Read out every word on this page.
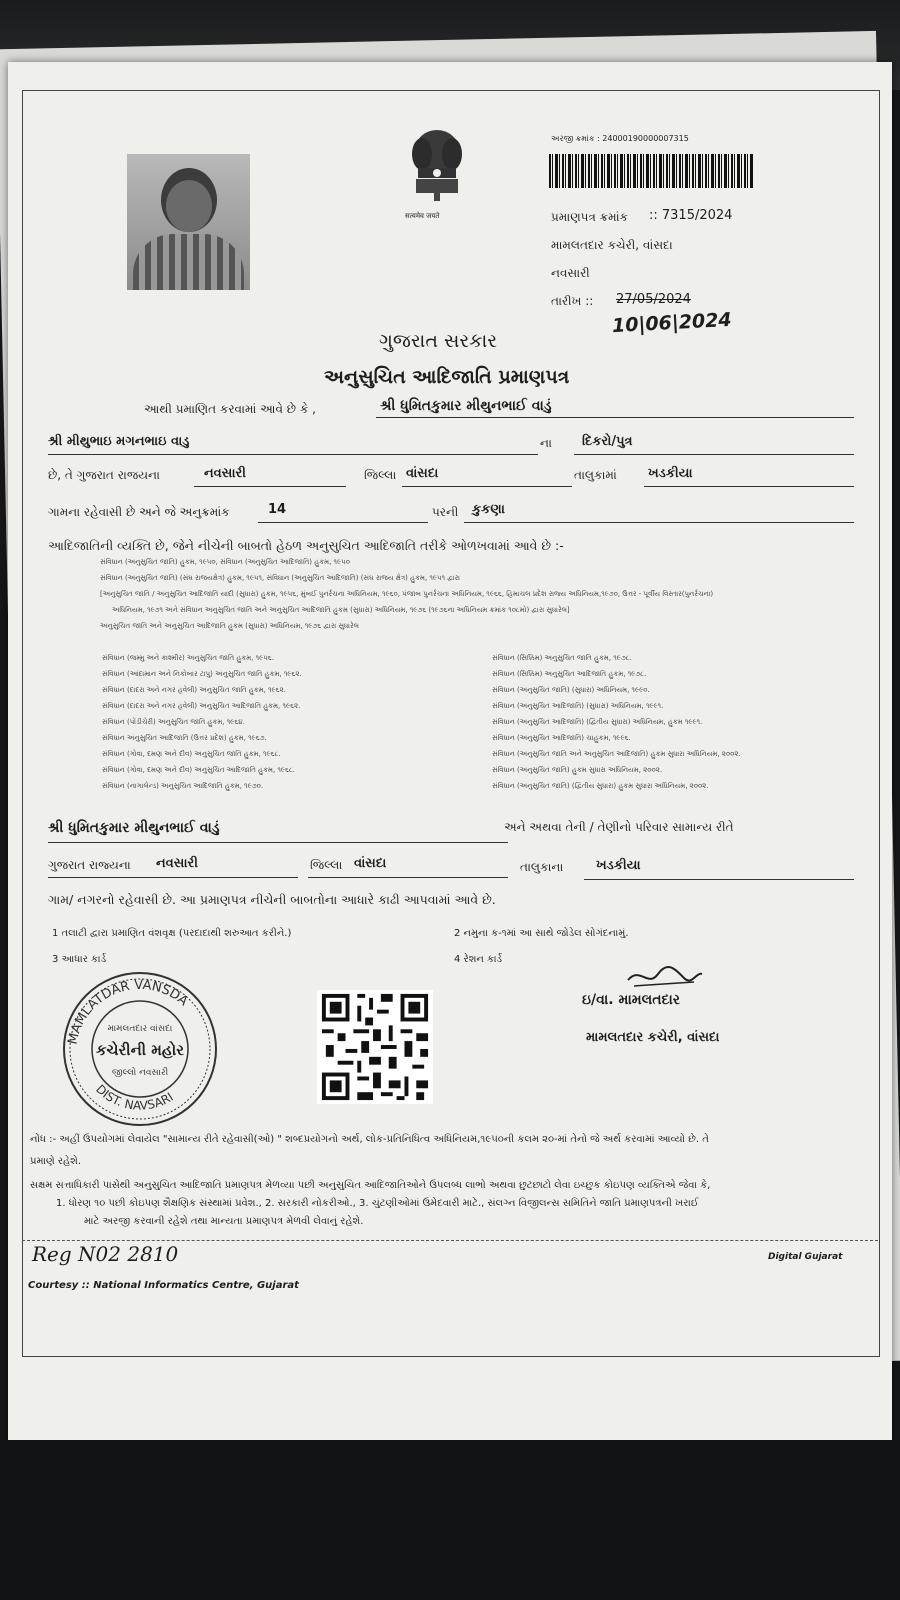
सत्यमेव जयते
અરજી ક્રમાંક : 24000190000007315
પ્રમાણપત્ર ક્રમાંક :: 7315/2024
મામલતદાર કચેરી, વાંસદા
નવસારી
તારીખ :: 27/05/2024
10|06|2024
ગુજરાત સરકાર
અનુસુચિત આદિજાતિ પ્રમાણપત્ર
આથી પ્રમાણિત કરવામાં આવે છે કે ,	શ્રી ધુમિતકુમાર મીથુનભાઈ વાડું
શ્રી મીથુભાઇ મગનભાઇ વાડુ	ના દિકરો/પુત્ર
છે, તે ગુજરાત રાજયના	નવસારી	જિલ્લા વાંસદા	તાલુકામાં ખડકીયા
ગામના રહેવાસી છે અને જે અનુક્રમાંક	14	પરની કુકણા
આદિજાતિની વ્યક્તિ છે, જેને નીચેની બાબતો હેઠળ અનુસુચિત આદિજાતિ તરીકે ઓળખવામાં આવે છે :-
સંવિધાન (અનુસુચિત જાતિ) હુકમ, ૧૯૫૦, સંવિધાન (અનુસુચિત આદિજાતિ) હુકમ, ૧૯૫૦
સંવિધાન (અનુસુચિત જાતિ) (સંઘ રાજયક્ષેત્ર) હુકમ, ૧૯૫૧, સંવિધાન (અનુસુચિત આદિજાતિ) (સંઘ રાજય ક્ષેત્ર) હુકમ, ૧૯૫૧ દ્વારા
[અનુસુચિત જાતિ / અનુસુચિત આદિજાતિ યાદી (સુધારા) હુકમ, ૧૯૫૬, મુંબઈ પુનર્રચના અધિનિયમ, ૧૯૬૦, પંજાબ પુનર્રચના અધિનિયમ, ૧૯૬૬, હિમાચલ પ્રદેશ રાજ્ય અધિનિયમ,૧૯૭૦, ઉત્તર - પૂર્વીય વિસ્તાર(પુનર્રચના)
અધિનિયમ, ૧૯૭૧ અને સંવિધાન અનુસુચિત જાતિ અને અનુસુચિત આદિજાતિ હુકમ (સુધારા) અધિનિયમ, ૧૯૭૬ (૧૯૭૬ના અધિનિયમ ક્રમાંક ૧૦૮મો) દ્વારા સુધારેલ]
અનુસુચિત જાતિ અને અનુસુચિત આદિજાતિ હુકમ (સુધારા) અધિનિયમ, ૧૯૭૬ દ્વારા સુધારેલ
સંવિધાન (જમ્મુ અને કાશ્મીર) અનુસુચિત જાતિ હુકમ, ૧૯૫૬.
સંવિધાન (આંદામાન અને નિકોબાર ટાપુ) અનુસુચિત જાતિ હુકમ, ૧૯૬૨.
સંવિધાન (દાદરા અને નગર હવેલી) અનુસુચિત જાતિ હુકમ, ૧૯૬૨.
સંવિધાન (દાદરા અને નગર હવેલી) અનુસુચિત આદિજાતિ હુકમ, ૧૯૬૨.
સંવિધાન (પોંડીચેરી) અનુસુચિત જાતિ હુકમ, ૧૯૬૪.
સંવિધાન અનુસુચિત આદિજાતિ (ઉત્તર પ્રદેશ) હુકમ, ૧૯૬૭.
સંવિધાન (ગોવા, દમણ અને દીવ) અનુસુચિત જાતિ હુકમ, ૧૯૬૮.
સંવિધાન (ગોવા, દમણ અને દીવ) અનુસુચિત આદિજાતિ હુકમ, ૧૯૬૮.
સંવિધાન (નાગાલેન્ડ) અનુસુચિત આદિજાતિ હુકમ, ૧૯૭૦.
સંવિધાન (સિક્કિમ) અનુસુચિત જાતિ હુકમ, ૧૯૭૮.
સંવિધાન (સિક્કિમ) અનુસુચિત આદિજાતિ હુકમ, ૧૯૭૮.
સંવિધાન (અનુસુચિત જાતિ) (સુધારા) અધિનિયમ, ૧૯૯૦.
સંવિધાન (અનુસુચિત આદિજાતિ) (સુધારા) અધિનિયમ, ૧૯૯૧.
સંવિધાન (અનુસુચિત આદિજાતિ) (દ્વિતીય સુધારા) અધિનિયમ, હુકમ ૧૯૯૧.
સંવિધાન (અનુસુચિત આદિજાતિ) ચાહુકમ, ૧૯૯૬.
સંવિધાન (અનુસુચિત જાતિ અને અનુસુચિત આદિજાતિ) હુકમ સુધારા અધિનિયમ, ૨૦૦૨.
સંવિધાન (અનુસુચિત જાતિ) હુકમ સુધારા અધિનિયમ, ૨૦૦૨.
સંવિધાન (અનુસુચિત જાતિ) (દ્વિતીય સુધારા) હુકમ સુધારા અધિનિયમ, ૨૦૦૨.
શ્રી ધુમિતકુમાર મીથુનભાઈ વાડું	અને અથવા તેની / તેણીનો પરિવાર સામાન્ય રીતે
ગુજરાત રાજ્યના નવસારી	જિલ્લા વાંસદા	તાલુકાના	ખડકીયા
ગામ/ નગરનો રહેવાસી છે. આ પ્રમાણપત્ર નીચેની બાબતોના આધારે કાઢી આપવામાં આવે છે.
1 તલાટી દ્વારા પ્રમાણિત વંશવૃક્ષ (પરદાદાથી શરુઆત કરીને.)	2 નમુના ક-૧માં આ સાથે જોડેલ સોગંદનામું.
3 આધાર કાર્ડ	4 રેશન કાર્ડ
MAMLATDAR VANSDA
DIST. NAVSARI
મામલતદાર વાંસદા
કચેરીની મહોર
જીલ્લો નવસારી
ઇ/વા. મામલતદાર
મામલતદાર કચેરી, વાંસદા
નોંધ :- અહીં ઉપયોગમાં લેવાયેલ "સામાન્ય રીતે રહેવાસી(ઓ) " શબ્દપ્રયોગનો અર્થ, લોક-પ્રતિનિધિત્વ અધિનિયમ,૧૯૫૦ની કલમ ૨૦-માં તેનો જે અર્થ કરવામાં આવ્યો છે. તે
પ્રમાણે રહેશે.
સક્ષમ સત્તાધિકારી પાસેથી અનુસુચિત આદિજાતિ પ્રમાણપત્ર મેળવ્યા પછી અનુસુચિત આદિજાતિઓને ઉપલબ્ધ લાભો અથવા છુટછાટો લેવા ઇચ્છુક કોઇપણ વ્યક્તિએ જેવા કે,
1. ધોરણ ૧૦ પછી કોઇપણ શૈક્ષણિક સંસ્થામાં પ્રવેશ., 2. સરકારી નોકરીઓ., 3. ચુંટણીઓમાં ઉમેદવારી માટે., સંલગ્ન વિજીલન્સ સમિતિને જાતિ પ્રમાણપત્રની ખરાઈ
માટે અરજી કરવાની રહેશે તથા માન્યતા પ્રમાણપત્ર મેળવી લેવાનું રહેશે.
Reg N02 2810	Digital Gujarat
Courtesy :: National Informatics Centre, Gujarat
